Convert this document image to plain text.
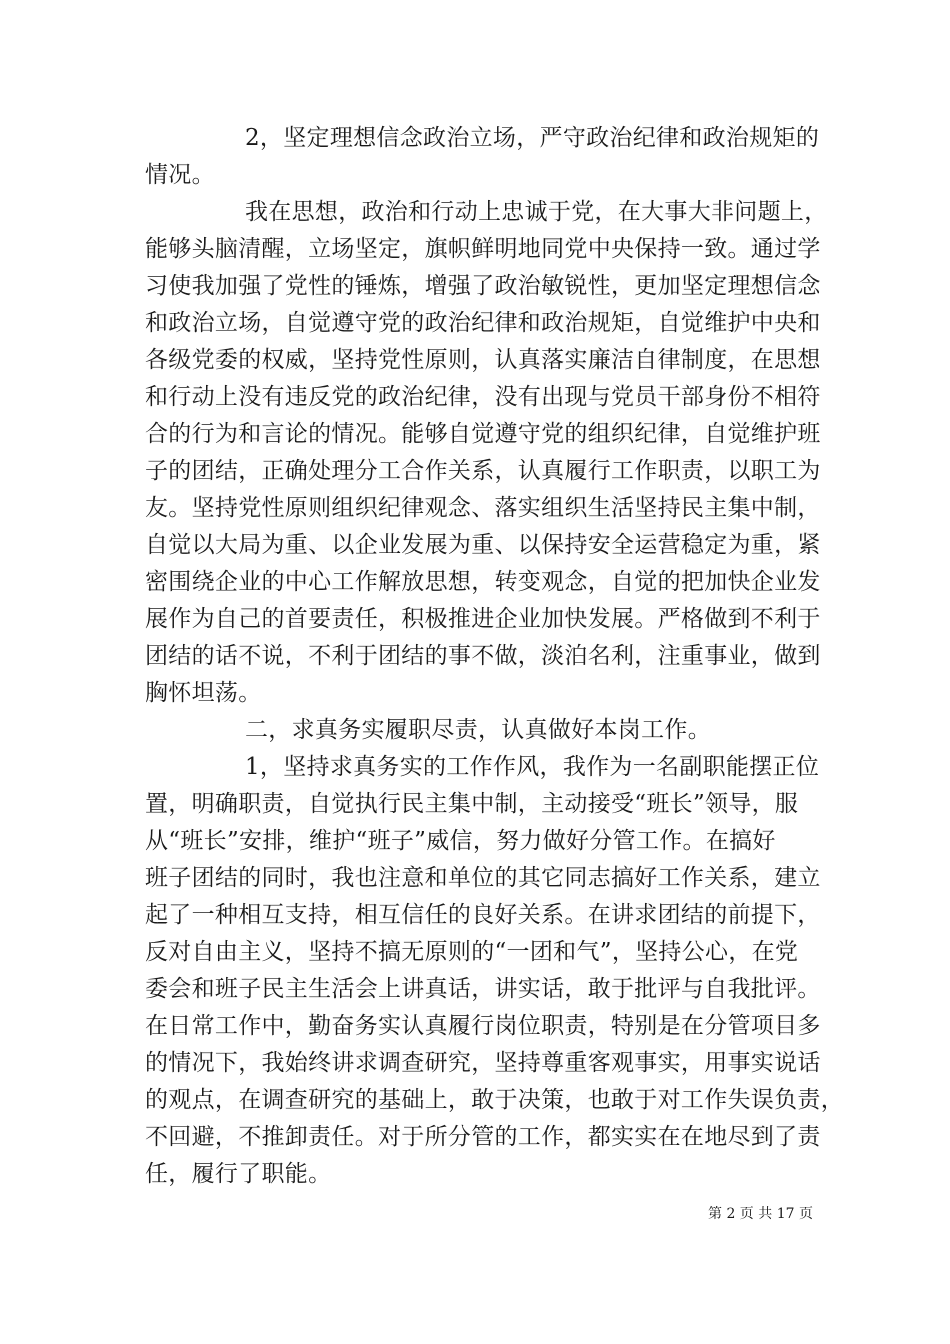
2，坚定理想信念政治立场，严守政治纪律和政治规矩的
情况。
我在思想，政治和行动上忠诚于党，在大事大非问题上，
能够头脑清醒，立场坚定，旗帜鲜明地同党中央保持一致。通过学
习使我加强了党性的锤炼，增强了政治敏锐性，更加坚定理想信念
和政治立场，自觉遵守党的政治纪律和政治规矩，自觉维护中央和
各级党委的权威，坚持党性原则，认真落实廉洁自律制度，在思想
和行动上没有违反党的政治纪律，没有出现与党员干部身份不相符
合的行为和言论的情况。能够自觉遵守党的组织纪律，自觉维护班
子的团结，正确处理分工合作关系，认真履行工作职责，以职工为
友。坚持党性原则组织纪律观念、落实组织生活坚持民主集中制，
自觉以大局为重、以企业发展为重、以保持安全运营稳定为重，紧
密围绕企业的中心工作解放思想，转变观念，自觉的把加快企业发
展作为自己的首要责任，积极推进企业加快发展。严格做到不利于
团结的话不说，不利于团结的事不做，淡泊名利，注重事业，做到
胸怀坦荡。
二，求真务实履职尽责，认真做好本岗工作。
1，坚持求真务实的工作作风，我作为一名副职能摆正位
置，明确职责，自觉执行民主集中制，主动接受“班长”领导，服
从“班长”安排，维护“班子”威信，努力做好分管工作。在搞好
班子团结的同时，我也注意和单位的其它同志搞好工作关系，建立
起了一种相互支持，相互信任的良好关系。在讲求团结的前提下，
反对自由主义，坚持不搞无原则的“一团和气”，坚持公心，在党
委会和班子民主生活会上讲真话，讲实话，敢于批评与自我批评。
在日常工作中，勤奋务实认真履行岗位职责，特别是在分管项目多
的情况下，我始终讲求调查研究，坚持尊重客观事实，用事实说话
的观点，在调查研究的基础上，敢于决策，也敢于对工作失误负责，
不回避，不推卸责任。对于所分管的工作，都实实在在地尽到了责
任，履行了职能。
第 2 页 共 17 页
